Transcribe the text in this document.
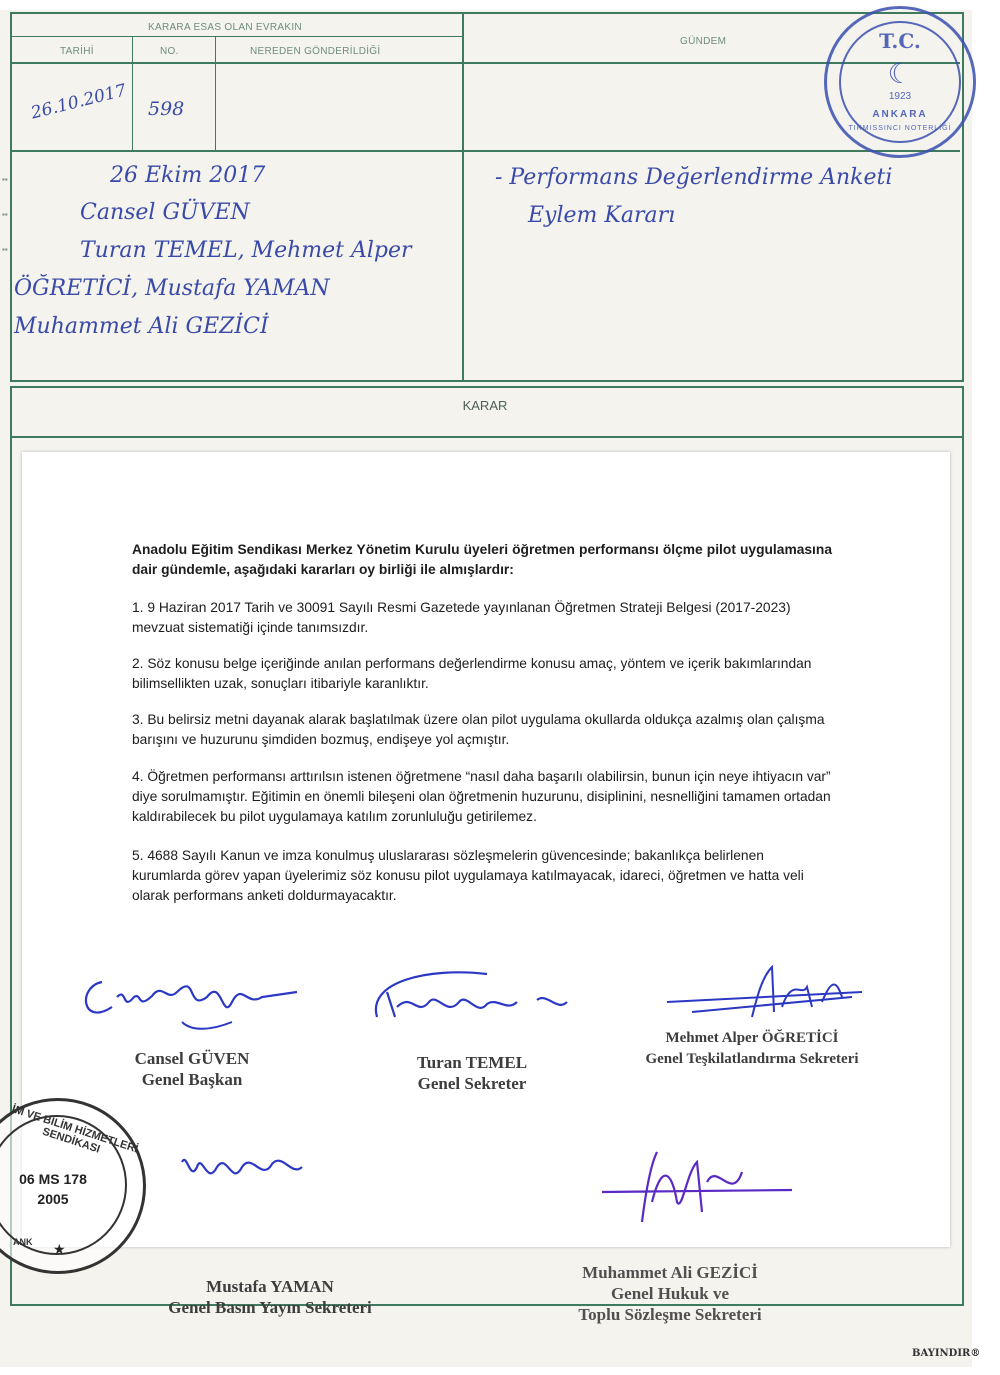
KARARA ESAS OLAN EVRAKIN
TARİHİ	NO.	NEREDEN GÖNDERİLDİĞİ
GÜNDEM
▪▪
▪▪
▪▪
26.10.2017 598
26 Ekim 2017
Cansel GÜVEN
Turan TEMEL, Mehmet Alper
ÖĞRETİCİ, Mustafa YAMAN
Muhammet Ali GEZİCİ
- Performans Değerlendirme Anketi
Eylem Kararı
KARAR
T.C.
☾
1923
ANKARA
TIRMISSINCI NOTERLİĞİ
Anadolu Eğitim Sendikası Merkez Yönetim Kurulu üyeleri öğretmen performansı ölçme pilot uygulamasına dair gündemle, aşağıdaki kararları oy birliği ile almışlardır:
1. 9 Haziran 2017 Tarih ve 30091 Sayılı Resmi Gazetede yayınlanan Öğretmen Strateji Belgesi (2017-2023) mevzuat sistematiği içinde tanımsızdır.
2. Söz konusu belge içeriğinde anılan performans değerlendirme konusu amaç, yöntem ve içerik bakımlarından bilimsellikten uzak, sonuçları itibariyle karanlıktır.
3. Bu belirsiz metni dayanak alarak başlatılmak üzere olan pilot uygulama okullarda oldukça azalmış olan çalışma barışını ve huzurunu şimdiden bozmuş, endişeye yol açmıştır.
4. Öğretmen performansı arttırılsın istenen öğretmene “nasıl daha başarılı olabilirsin, bunun için neye ihtiyacın var” diye sorulmamıştır. Eğitimin en önemli bileşeni olan öğretmenin huzurunu, disiplinini, nesnelliğini tamamen ortadan kaldırabilecek bu pilot uygulamaya katılım zorunluluğu getirilemez.
5. 4688 Sayılı Kanun ve imza konulmuş uluslararası sözleşmelerin güvencesinde; bakanlıkça belirlenen kurumlarda görev yapan üyelerimiz söz konusu pilot uygulamaya katılmayacak, idareci, öğretmen ve hatta veli olarak performans anketi doldurmayacaktır.
Cansel GÜVEN
Genel Başkan
Turan TEMEL
Genel Sekreter
Mehmet Alper ÖĞRETİCİ
Genel Teşkilatlandırma Sekreteri
İM VE BİLİM HİZMETLERİ SENDİKASI
06 MS 178
2005
ANK ★
Mustafa YAMAN
Genel Basın Yayın Sekreteri
Muhammet Ali GEZİCİ
Genel Hukuk ve
Toplu Sözleşme Sekreteri
BAYINDIR®
